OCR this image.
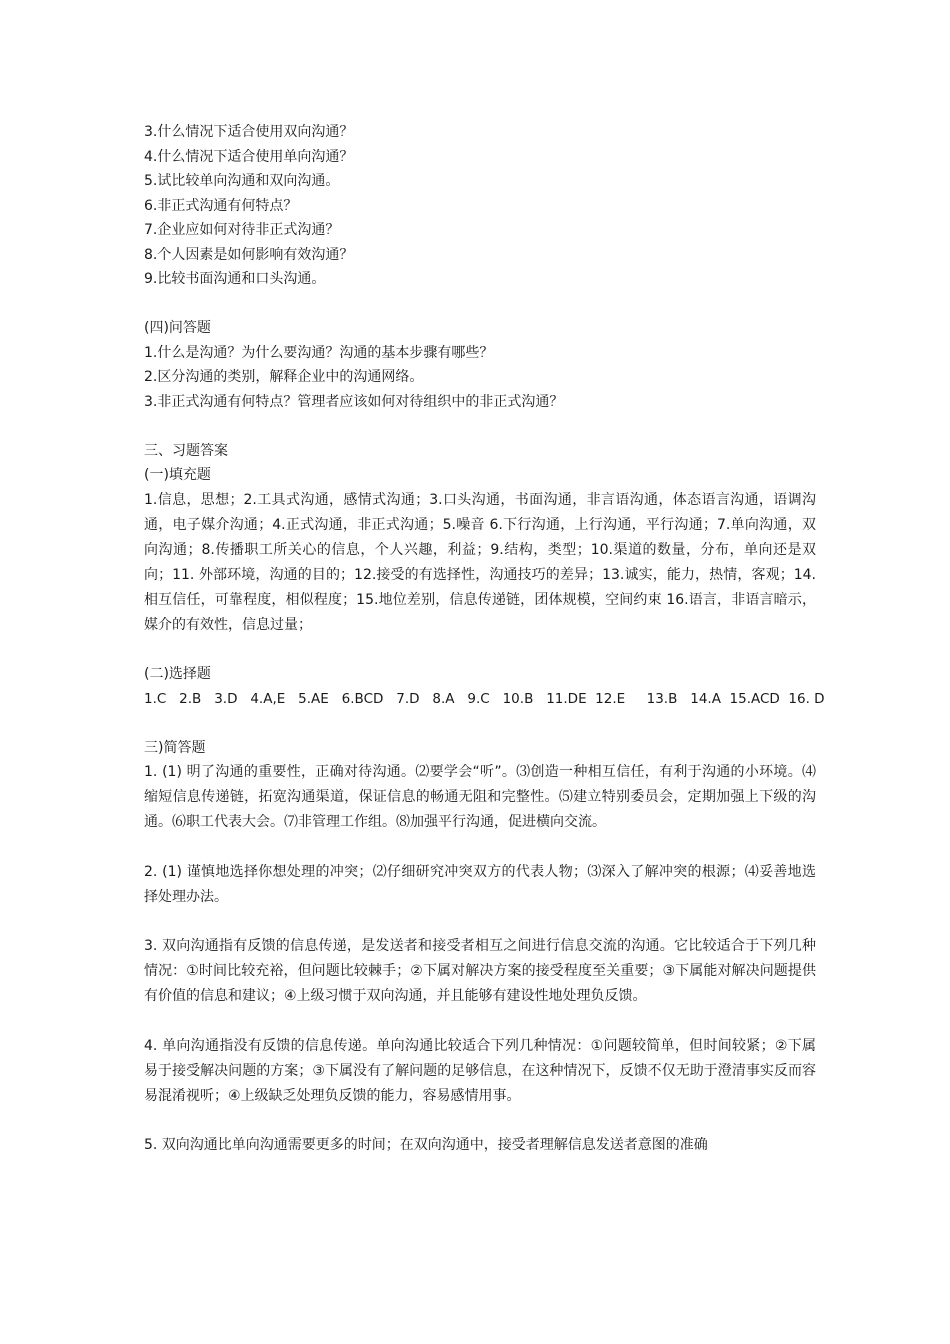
3.什么情况下适合使用双向沟通？
4.什么情况下适合使用单向沟通？
5.试比较单向沟通和双向沟通。
6.非正式沟通有何特点？
7.企业应如何对待非正式沟通？
8.个人因素是如何影响有效沟通？
9.比较书面沟通和口头沟通。
(四)问答题
1.什么是沟通？为什么要沟通？沟通的基本步骤有哪些？
2.区分沟通的类别，解释企业中的沟通网络。
3.非正式沟通有何特点？管理者应该如何对待组织中的非正式沟通？
三、习题答案
(一)填充题
1.信息，思想；2.工具式沟通，感情式沟通；3.口头沟通，书面沟通，非言语沟通，体态语言沟通，语调沟通，电子媒介沟通；4.正式沟通，非正式沟通；5.噪音 6.下行沟通，上行沟通，平行沟通；7.单向沟通，双向沟通；8.传播职工所关心的信息，个人兴趣，利益；9.结构，类型；10.渠道的数量，分布，单向还是双向；11. 外部环境，沟通的目的；12.接受的有选择性，沟通技巧的差异；13.诚实，能力，热情，客观；14.相互信任，可靠程度，相似程度；15.地位差别，信息传递链，团体规模，空间约束 16.语言，非语言暗示，媒介的有效性，信息过量；
(二)选择题
1.C   2.B   3.D   4.A,E   5.AE   6.BCD   7.D   8.A   9.C   10.B   11.DE  12.E     13.B   14.A  15.ACD  16. D
三)简答题
1. (1) 明了沟通的重要性，正确对待沟通。⑵要学会“听”。⑶创造一种相互信任，有利于沟通的小环境。⑷缩短信息传递链，拓宽沟通渠道，保证信息的畅通无阻和完整性。⑸建立特别委员会，定期加强上下级的沟通。⑹职工代表大会。⑺非管理工作组。⑻加强平行沟通，促进横向交流。
2. (1) 谨慎地选择你想处理的冲突；⑵仔细研究冲突双方的代表人物；⑶深入了解冲突的根源；⑷妥善地选择处理办法。
3. 双向沟通指有反馈的信息传递，是发送者和接受者相互之间进行信息交流的沟通。它比较适合于下列几种情况：①时间比较充裕，但问题比较棘手；②下属对解决方案的接受程度至关重要；③下属能对解决问题提供有价值的信息和建议；④上级习惯于双向沟通，并且能够有建设性地处理负反馈。
4. 单向沟通指没有反馈的信息传递。单向沟通比较适合下列几种情况：①问题较简单，但时间较紧；②下属易于接受解决问题的方案；③下属没有了解问题的足够信息，在这种情况下，反馈不仅无助于澄清事实反而容易混淆视听；④上级缺乏处理负反馈的能力，容易感情用事。
5. 双向沟通比单向沟通需要更多的时间；在双向沟通中，接受者理解信息发送者意图的准确
